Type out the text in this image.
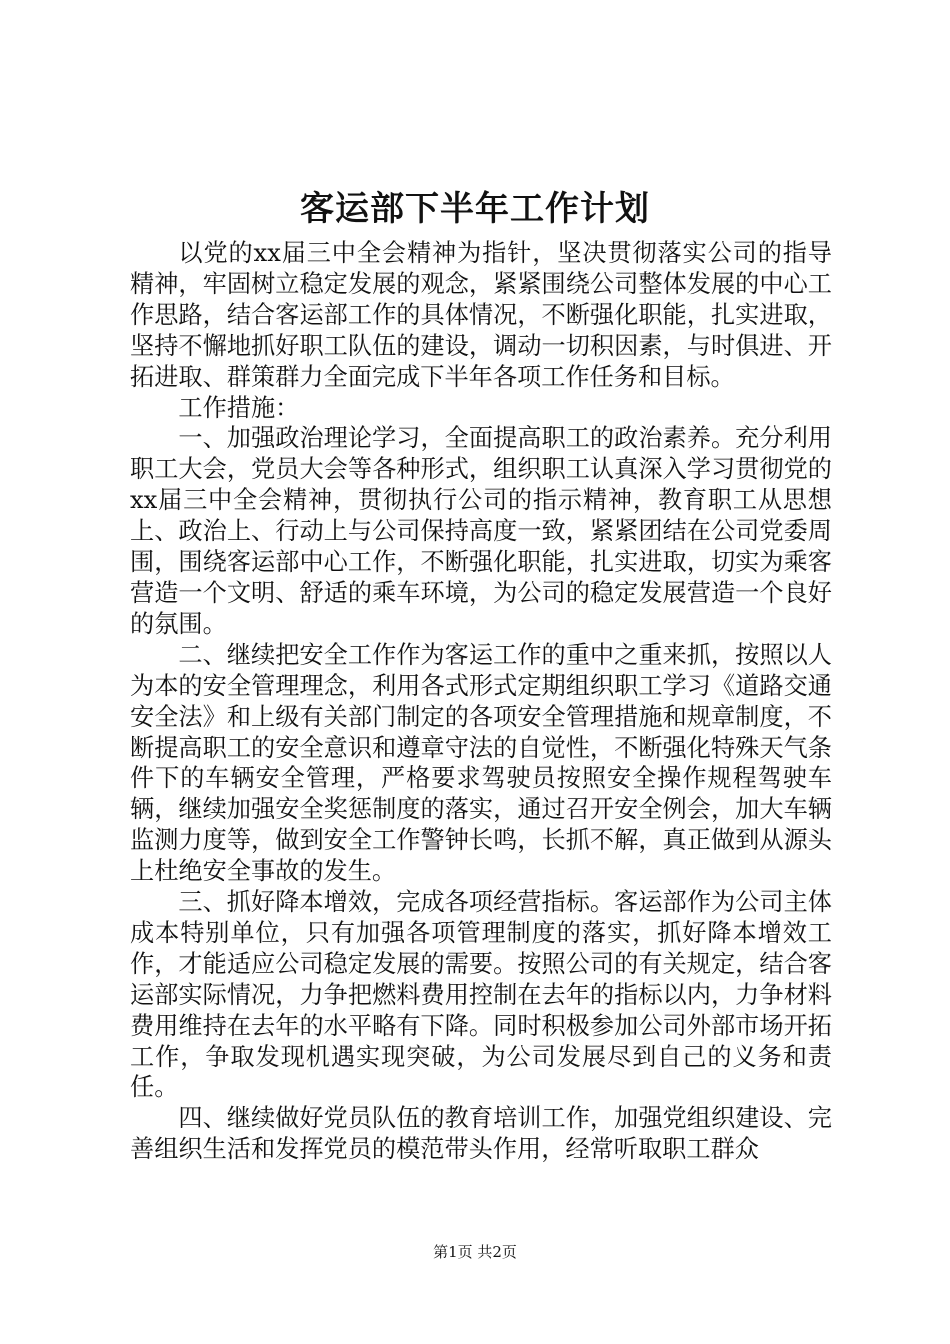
客运部下半年工作计划

以党的xx届三中全会精神为指针，坚决贯彻落实公司的指导精神，牢固树立稳定发展的观念，紧紧围绕公司整体发展的中心工作思路，结合客运部工作的具体情况，不断强化职能，扎实进取，坚持不懈地抓好职工队伍的建设，调动一切积因素，与时俱进、开拓进取、群策群力全面完成下半年各项工作任务和目标。

工作措施：

一、加强政治理论学习，全面提高职工的政治素养。充分利用职工大会，党员大会等各种形式，组织职工认真深入学习贯彻党的xx届三中全会精神，贯彻执行公司的指示精神，教育职工从思想上、政治上、行动上与公司保持高度一致，紧紧团结在公司党委周围，围绕客运部中心工作，不断强化职能，扎实进取，切实为乘客营造一个文明、舒适的乘车环境，为公司的稳定发展营造一个良好的氛围。

二、继续把安全工作作为客运工作的重中之重来抓，按照以人为本的安全管理理念，利用各式形式定期组织职工学习《道路交通安全法》和上级有关部门制定的各项安全管理措施和规章制度，不断提高职工的安全意识和遵章守法的自觉性，不断强化特殊天气条件下的车辆安全管理，严格要求驾驶员按照安全操作规程驾驶车辆，继续加强安全奖惩制度的落实，通过召开安全例会，加大车辆监测力度等，做到安全工作警钟长鸣，长抓不解，真正做到从源头上杜绝安全事故的发生。

三、抓好降本增效，完成各项经营指标。客运部作为公司主体成本特别单位，只有加强各项管理制度的落实，抓好降本增效工作，才能适应公司稳定发展的需要。按照公司的有关规定，结合客运部实际情况，力争把燃料费用控制在去年的指标以内，力争材料费用维持在去年的水平略有下降。同时积极参加公司外部市场开拓工作，争取发现机遇实现突破，为公司发展尽到自己的义务和责任。

四、继续做好党员队伍的教育培训工作，加强党组织建设、完善组织生活和发挥党员的模范带头作用，经常听取职工群众

第1页 共2页
